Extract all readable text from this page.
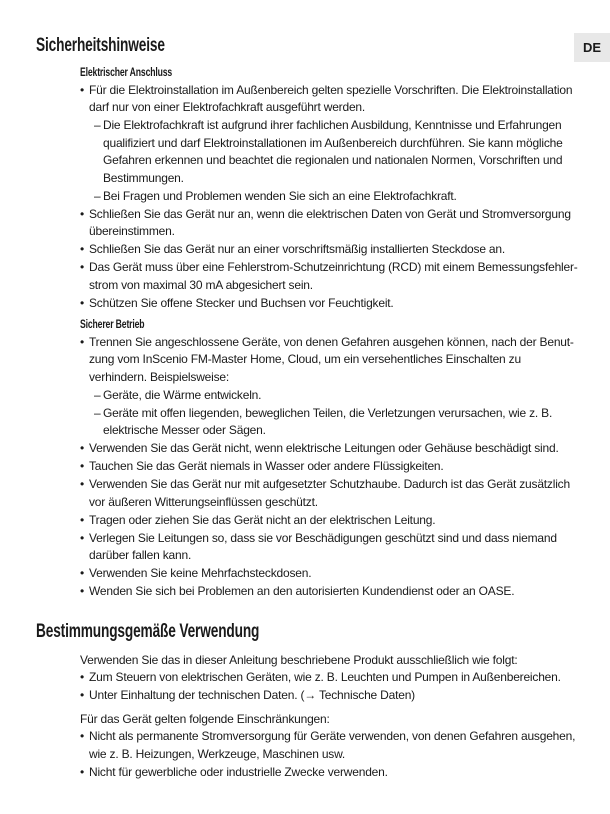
DE
Sicherheitshinweise
Elektrischer Anschluss
• Für die Elektroinstallation im Außenbereich gelten spezielle Vorschriften. Die Elektroinstallation darf nur von einer Elektrofachkraft ausgeführt werden.
– Die Elektrofachkraft ist aufgrund ihrer fachlichen Ausbildung, Kenntnisse und Erfahrungen qualifiziert und darf Elektroinstallationen im Außenbereich durchführen. Sie kann mögliche Gefahren erkennen und beachtet die regionalen und nationalen Normen, Vorschriften und Bestimmungen.
– Bei Fragen und Problemen wenden Sie sich an eine Elektrofachkraft.
• Schließen Sie das Gerät nur an, wenn die elektrischen Daten von Gerät und Stromversorgung übereinstimmen.
• Schließen Sie das Gerät nur an einer vorschriftsmäßig installierten Steckdose an.
• Das Gerät muss über eine Fehlerstrom-Schutzeinrichtung (RCD) mit einem Bemessungsfehlerstrom von maximal 30 mA abgesichert sein.
• Schützen Sie offene Stecker und Buchsen vor Feuchtigkeit.
Sicherer Betrieb
• Trennen Sie angeschlossene Geräte, von denen Gefahren ausgehen können, nach der Benutzung vom InScenio FM-Master Home, Cloud, um ein versehentliches Einschalten zu verhindern. Beispielsweise:
– Geräte, die Wärme entwickeln.
– Geräte mit offen liegenden, beweglichen Teilen, die Verletzungen verursachen, wie z. B. elektrische Messer oder Sägen.
• Verwenden Sie das Gerät nicht, wenn elektrische Leitungen oder Gehäuse beschädigt sind.
• Tauchen Sie das Gerät niemals in Wasser oder andere Flüssigkeiten.
• Verwenden Sie das Gerät nur mit aufgesetzter Schutzhaube. Dadurch ist das Gerät zusätzlich vor äußeren Witterungseinflüssen geschützt.
• Tragen oder ziehen Sie das Gerät nicht an der elektrischen Leitung.
• Verlegen Sie Leitungen so, dass sie vor Beschädigungen geschützt sind und dass niemand darüber fallen kann.
• Verwenden Sie keine Mehrfachsteckdosen.
• Wenden Sie sich bei Problemen an den autorisierten Kundendienst oder an OASE.
Bestimmungsgemäße Verwendung

Verwenden Sie das in dieser Anleitung beschriebene Produkt ausschließlich wie folgt:

• Zum Steuern von elektrischen Geräten, wie z. B. Leuchten und Pumpen in Außenbereichen.
• Unter Einhaltung der technischen Daten. (→ Technische Daten)

Für das Gerät gelten folgende Einschränkungen:

• Nicht als permanente Stromversorgung für Geräte verwenden, von denen Gefahren ausgehen, wie z. B. Heizungen, Werkzeuge, Maschinen usw.
• Nicht für gewerbliche oder industrielle Zwecke verwenden.
